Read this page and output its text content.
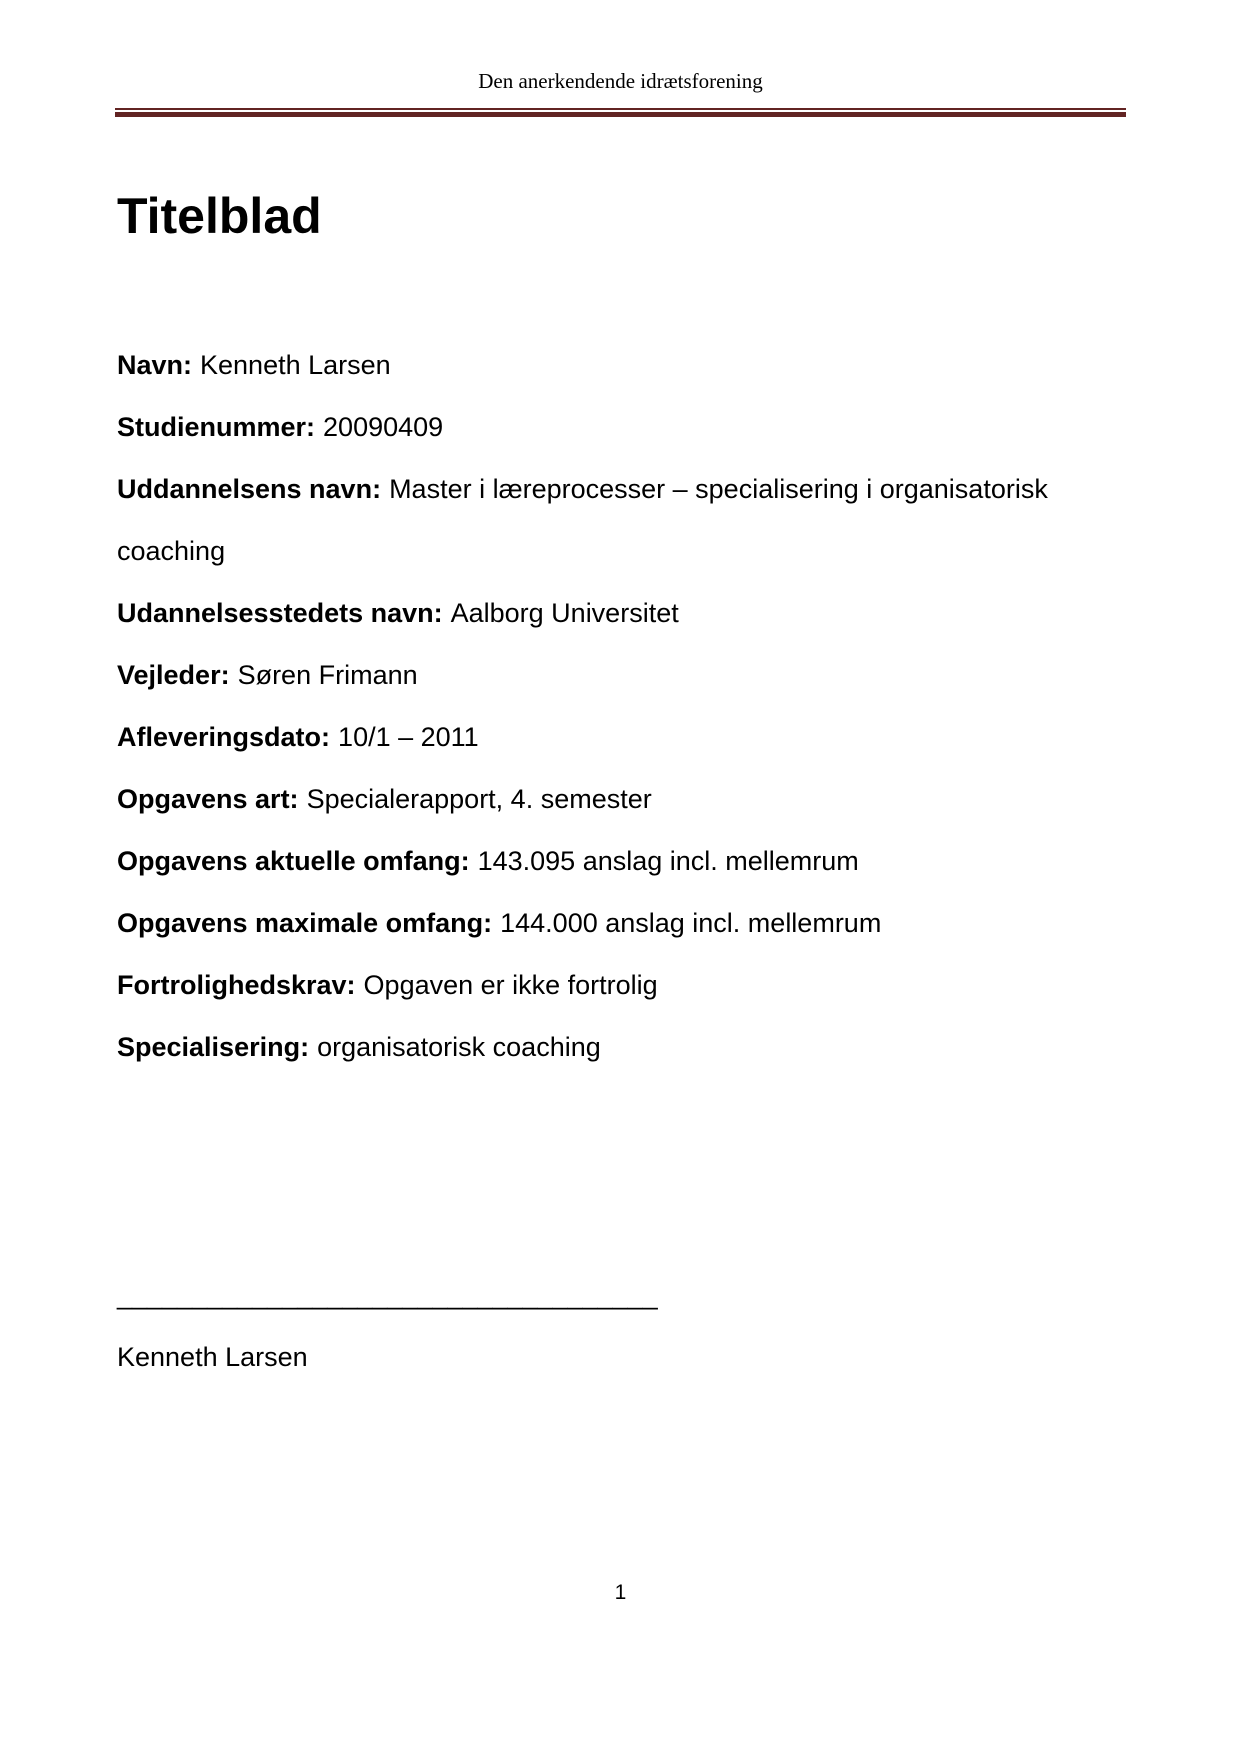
Den anerkendende idrætsforening
Titelblad
Navn: Kenneth Larsen
Studienummer: 20090409
Uddannelsens navn: Master i læreprocesser – specialisering i organisatorisk coaching
Udannelsesstedets navn: Aalborg Universitet
Vejleder: Søren Frimann
Afleveringsdato: 10/1 – 2011
Opgavens art: Specialerapport, 4. semester
Opgavens aktuelle omfang: 143.095 anslag incl. mellemrum
Opgavens maximale omfang: 144.000 anslag incl. mellemrum
Fortrolighedskrav: Opgaven er ikke fortrolig
Specialisering: organisatorisk coaching
____________________________________
Kenneth Larsen
1
